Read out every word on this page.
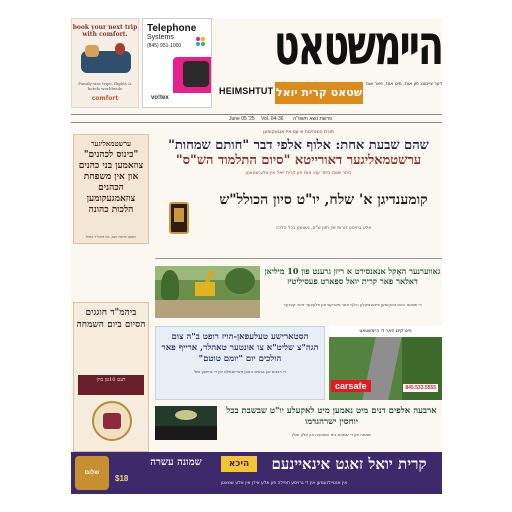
book your next trip with comfort.
Family-size trips, flights & hotels worldwide
comfort
Telephone
Systems
(845) 951-1000
vo!tex
היימשטאט
HEIMSHTUT שטאט קרית יואל
דער צייטונג פון אונז, מיט אונז, פאר אונז
June 05 '25 Vol. 04-36 פרשת נשא תשפ"ה
ערשטמאליגער
"כינוס לכהנים" צוזאמען בני כהנים און אין משפחת הכהנים צוזאמגעקומען הלכות כהונה
זונטאג פרשת נשא, אין ביהמ"ד הגדול
ביהמ"ד חוגגים הסיום ביום השמחה
דעם 10טן סיון
תורת המנהיגות ווי עס איז אנגעקומען
שהם שבעת אחת: אלוף אלפי דבר "חותם שמחות"
ערשטמאליגער דאורייטא "סיום התלמוד הש"ס"
ביתר שאת ביתר עוז, אונז פון קרית יואל אין אלע שטאטן
קומענדיגן א' שלח, יו"ט סיון הכולל"ש
אלע גרויסע דורות אין חזון ש"ס, געוועזן בכל הלכה
גאווערנער האָקל אנאנסירט א ריזן גרענט פון 10 מיליאן דאלאר פאר קרית יואל ספארט פעסיליטיז
די שטאט האט באקומען פינאנציעלע הילף פאר פארקס און פלעצער פאר קינדער
הסטארישע טעלעפאן-הויז רופט ב"ה צום הגה"צ שליט"א צו אונטער טאהלר, ארייף פאר הולכים יום "יומם טוטם"
די רבנים און גבאים האבן פארזאמלט אין די גרויסע שול
פארקינג פאר די היימשטאט
carsafe	845.533.5555
ארבעה אלפים דנים מיט נאמען מיט לאקעלע יו"ט שבשבת בכל יוחסין ישרהגדמו
שמחה פון די שמחת בית השואבה אין אלע שולן
שלום
$18
שמונה עשרה	היכא	קרית יואל זאגט אינאיינעם
אין אנטיילנעמען אין די גרויסע תפילה פון אלע אידן אין אלע שטאטן
